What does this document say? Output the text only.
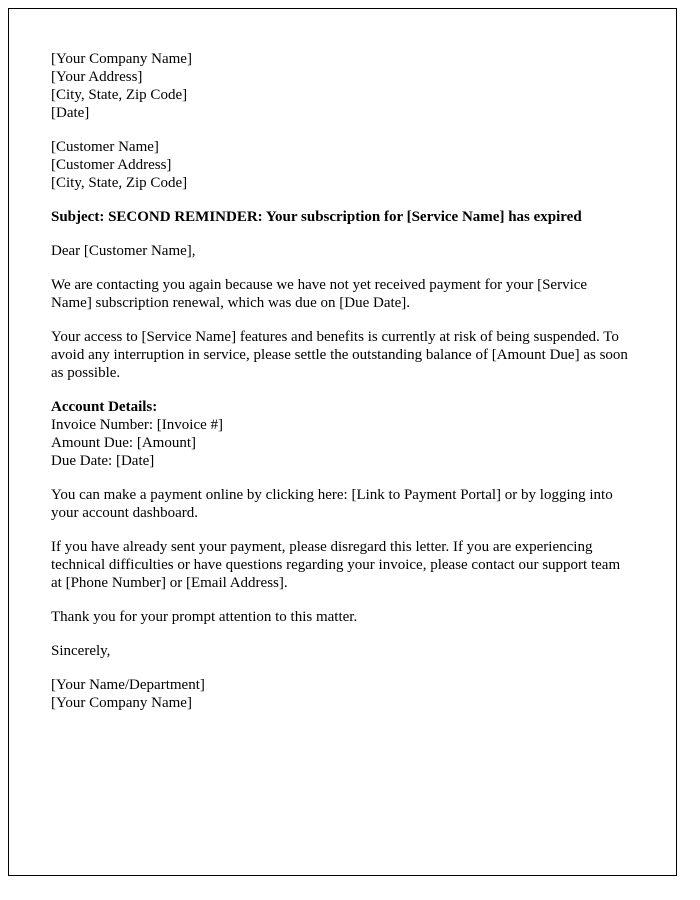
[Your Company Name]
[Your Address]
[City, State, Zip Code]
[Date]
[Customer Name]
[Customer Address]
[City, State, Zip Code]

Subject: SECOND REMINDER: Your subscription for [Service Name] has expired

Dear [Customer Name],

We are contacting you again because we have not yet received payment for your [Service Name] subscription renewal, which was due on [Due Date].

Your access to [Service Name] features and benefits is currently at risk of being suspended. To avoid any interruption in service, please settle the outstanding balance of [Amount Due] as soon as possible.

Account Details:
Invoice Number: [Invoice #]
Amount Due: [Amount]
Due Date: [Date]

You can make a payment online by clicking here: [Link to Payment Portal] or by logging into your account dashboard.

If you have already sent your payment, please disregard this letter. If you are experiencing technical difficulties or have questions regarding your invoice, please contact our support team at [Phone Number] or [Email Address].

Thank you for your prompt attention to this matter.

Sincerely,

[Your Name/Department]
[Your Company Name]
